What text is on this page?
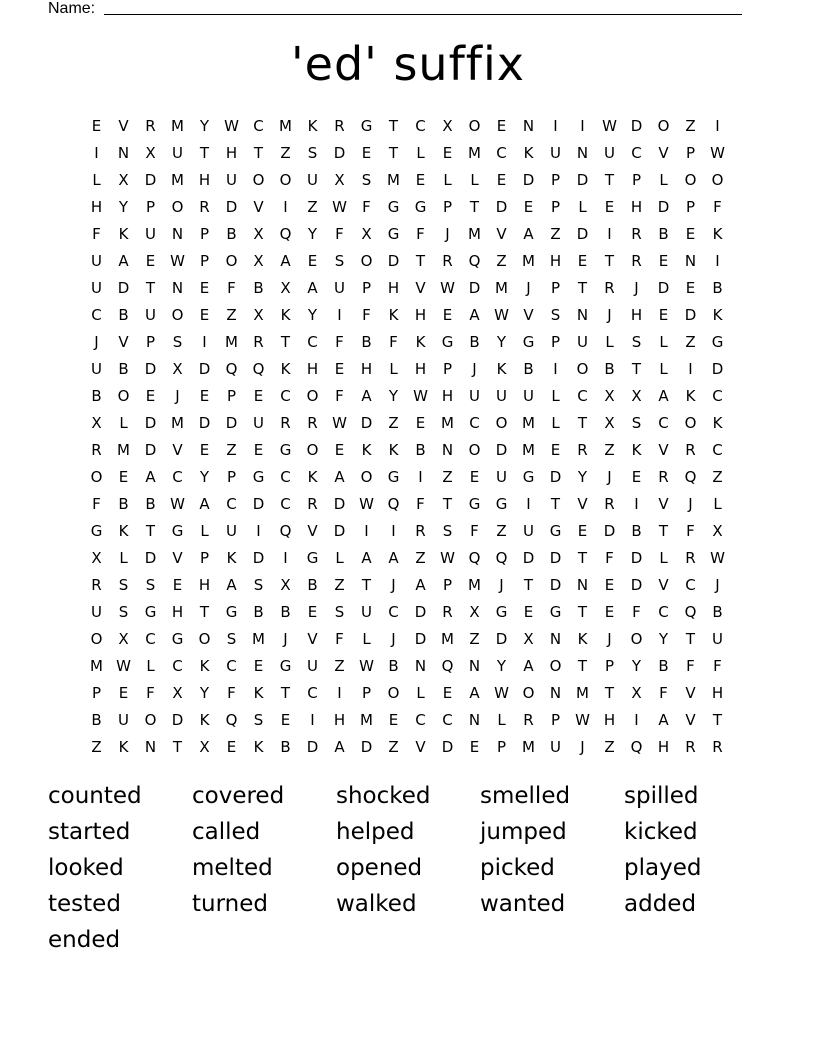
Name:
'ed' suffix
E	V	R	M	Y	W C	M	K	R	G	T	C	X	O	E	N	I	I	W D	O	Z	I
I	N	X	U	T	H	T	Z	S	D	E	T	L	E	M	C	K	U	N	U	C	V	P	W
L	X	D M H	U	O	O	U	X	S	M	E	L	L	E	D	P	D	T	P	L	O	O
H	Y	P	O	R	D	V	I	Z W	F	G	G	P	T	D	E	P	L	E	H	D	P	F
F	K	U	N	P	B	X	Q	Y	F	X	G	F	J	M	V	A	Z	D	I	R	B	E	K
U	A	E W	P	O	X	A	E	S	O	D	T	R	Q	Z	M H	E	T	R	E	N	I
U	D	T	N	E	F	B	X	A	U	P	H	V W D M	J	P	T	R	J	D	E	B
C	B	U	O	E	Z	X	K	Y	I	F	K	H	E	A W V	S	N	J	H	E	D	K
J	V	P	S	I	M	R	T	C	F	B	F	K	G	B	Y	G	P	U	L	S	L	Z	G
U	B	D	X	D	Q	Q	K	H	E	H	L	H	P	J	K	B	I	O	B	T	L	I	D
B	O	E	J	E	P	E	C	O	F	A	Y	W H	U	U	U	L	C	X	X	A	K	C
X	L	D M D	D	U	R	R W D	Z	E	M	C	O M	L	T	X	S	C	O	K
R	M D	V	E	Z	E	G	O	E	K	K	B	N	O	D M	E	R	Z	K	V	R	C
O	E	A	C	Y	P	G	C	K	A	O	G	I	Z	E	U	G	D	Y	J	E	R	Q	Z
F	B	B W A	C	D	C	R	D W Q	F	T	G	G	I	T	V	R	I	V	J	L
G	K	T	G	L	U	I	Q	V	D	I	I	R	S	F	Z	U	G	E	D	B	T	F	X
X	L	D	V	P	K	D	I	G	L	A	A	Z W Q	Q	D	D	T	F	D	L	R W
R	S	S	E	H	A	S	X	B	Z	T	J	A	P	M	J	T	D	N	E	D	V	C	J
U	S	G	H	T	G	B	B	E	S	U	C	D	R	X	G	E	G	T	E	F	C	Q	B
O	X	C	G	O	S	M	J	V	F	L	J	D M	Z	D	X	N	K	J	O	Y	T	U
M W	L	C	K	C	E	G	U	Z W B	N	Q	N	Y	A	O	T	P	Y	B	F	F
P	E	F	X	Y	F	K	T	C	I	P	O	L	E	A W O	N M	T	X	F	V	H
B	U	O	D	K	Q	S	E	I	H M	E	C	C	N	L	R	P	W H	I	A	V	T
Z	K	N	T	X	E	K	B	D	A	D	Z	V	D	E	P	M	U	J	Z	Q	H	R	R
counted	covered	shocked	smelled	spilled
started	called	helped	jumped	kicked
looked	melted	opened	picked	played
tested	turned	walked	wanted	added
ended
